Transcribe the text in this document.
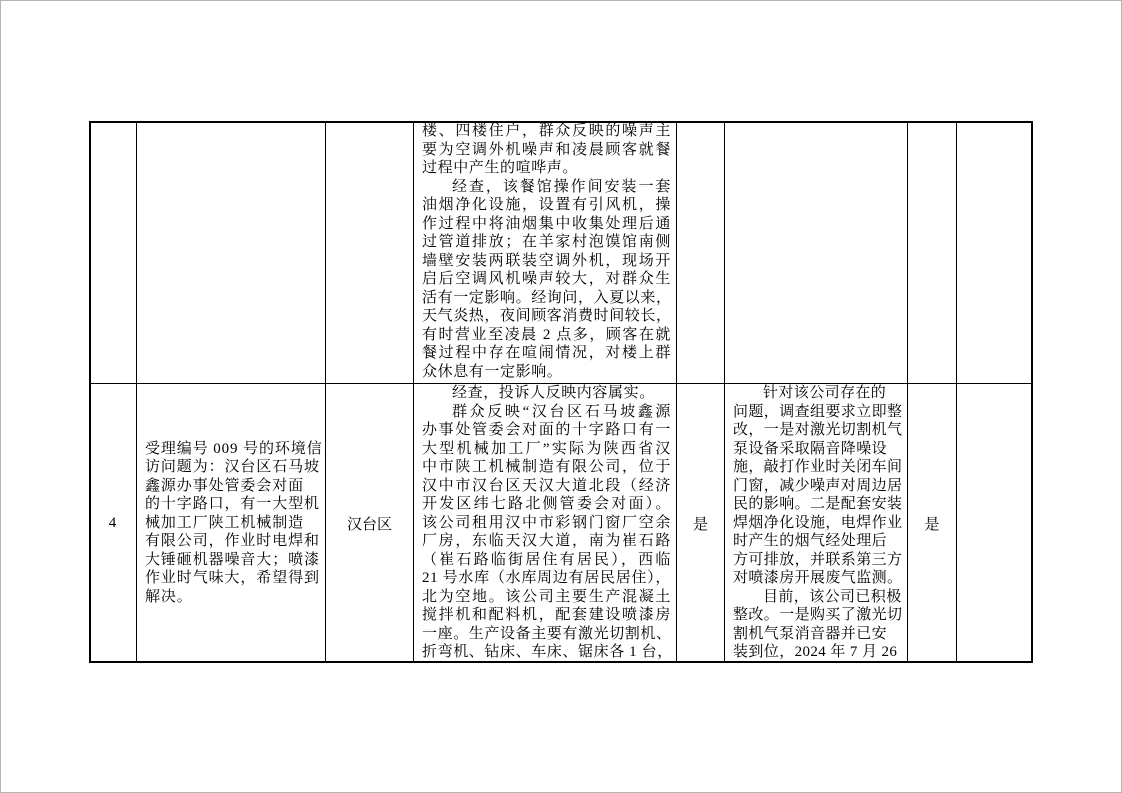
楼、四楼住户，群众反映的噪声主
要为空调外机噪声和凌晨顾客就餐
过程中产生的喧哗声。
经查，该餐馆操作间安装一套
油烟净化设施，设置有引风机，操
作过程中将油烟集中收集处理后通
过管道排放；在羊家村泡馍馆南侧
墙壁安装两联装空调外机，现场开
启后空调风机噪声较大，对群众生
活有一定影响。经询问，入夏以来，
天气炎热，夜间顾客消费时间较长，
有时营业至凌晨 2 点多，顾客在就
餐过程中存在喧闹情况，对楼上群
众休息有一定影响。
4
受理编号 009 号的环境信
访问题为：汉台区石马坡
鑫源办事处管委会对面
的十字路口，有一大型机
械加工厂陕工机械制造
有限公司，作业时电焊和
大锤砸机器噪音大；喷漆
作业时气味大，希望得到
解决。
汉台区
经查，投诉人反映内容属实。
群众反映“汉台区石马坡鑫源
办事处管委会对面的十字路口有一
大型机械加工厂”实际为陕西省汉
中市陕工机械制造有限公司，位于
汉中市汉台区天汉大道北段（经济
开发区纬七路北侧管委会对面）。
该公司租用汉中市彩钢门窗厂空余
厂房，东临天汉大道，南为崔石路
（崔石路临街居住有居民），西临
21 号水库（水库周边有居民居住），
北为空地。该公司主要生产混凝土
搅拌机和配料机，配套建设喷漆房
一座。生产设备主要有激光切割机、
折弯机、钻床、车床、锯床各 1 台，
是
针对该公司存在的
问题，调查组要求立即整
改，一是对激光切割机气
泵设备采取隔音降噪设
施，敲打作业时关闭车间
门窗，减少噪声对周边居
民的影响。二是配套安装
焊烟净化设施，电焊作业
时产生的烟气经处理后
方可排放，并联系第三方
对喷漆房开展废气监测。
目前，该公司已积极
整改。一是购买了激光切
割机气泵消音器并已安
装到位，2024 年 7 月 26
是
